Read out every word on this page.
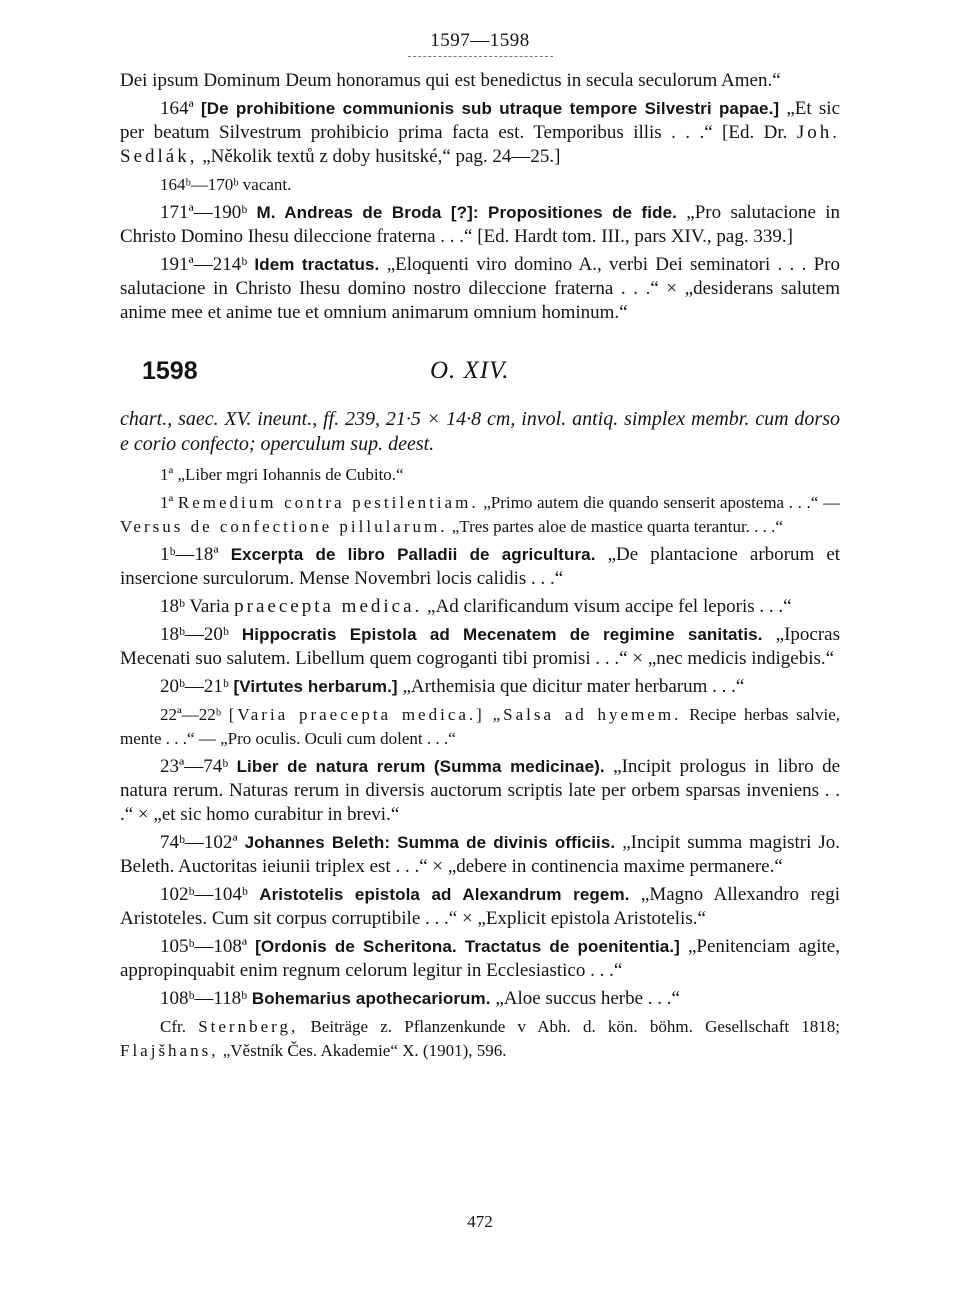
1597—1598

Dei ipsum Dominum Deum honoramus qui est benedictus in secula seculorum Amen.“

164ª [De prohibitione communionis sub utraque tempore Silvestri papae.] „Et sic per beatum Silvestrum prohibicio prima facta est. Temporibus illis . . .“ [Ed. Dr. Joh. Sedlák, „Několik textů z doby husitské,“ pag. 24—25.]

164ᵇ—170ᵇ vacant.

171ª—190ᵇ M. Andreas de Broda [?]: Propositiones de fide. „Pro salutacione in Christo Domino Ihesu dileccione fraterna . . .“ [Ed. Hardt tom. III., pars XIV., pag. 339.]

191ª—214ᵇ Idem tractatus. „Eloquenti viro domino A., verbi Dei seminatori . . . Pro salutacione in Christo Ihesu domino nostro dileccione fraterna . . .“ × „desiderans salutem anime mee et anime tue et omnium animarum omnium hominum.“

1598	O. XIV.

chart., saec. XV. ineunt., ff. 239, 21·5 × 14·8 cm, invol. antiq. simplex membr. cum dorso e corio confecto; operculum sup. deest.

1ª „Liber mgri Iohannis de Cubito.“

1ª Remedium contra pestilentiam. „Primo autem die quando senserit apostema . . .“ — Versus de confectione pillularum. „Tres partes aloe de mastice quarta terantur. . . .“

1ᵇ—18ª Excerpta de libro Palladii de agricultura. „De plantacione arborum et insercione surculorum. Mense Novembri locis calidis . . .“

18ᵇ Varia praecepta medica. „Ad clarificandum visum accipe fel leporis . . .“

18ᵇ—20ᵇ Hippocratis Epistola ad Mecenatem de regimine sanitatis. „Ipocras Mecenati suo salutem. Libellum quem cogroganti tibi promisi . . .“ × „nec medicis indigebis.“

20ᵇ—21ᵇ [Virtutes herbarum.] „Arthemisia que dicitur mater herbarum . . .“

22ª—22ᵇ [Varia praecepta medica.] „Salsa ad hyemem. Recipe herbas salvie, mente . . .“ — „Pro oculis. Oculi cum dolent . . .“

23ª—74ᵇ Liber de natura rerum (Summa medicinae). „Incipit prologus in libro de natura rerum. Naturas rerum in diversis auctorum scriptis late per orbem sparsas inveniens . . .“ × „et sic homo curabitur in brevi.“

74ᵇ—102ª Johannes Beleth: Summa de divinis officiis. „Incipit summa magistri Jo. Beleth. Auctoritas ieiunii triplex est . . .“ × „debere in continencia maxime permanere.“

102ᵇ—104ᵇ Aristotelis epistola ad Alexandrum regem. „Magno Allexandro regi Aristoteles. Cum sit corpus corruptibile . . .“ × „Explicit epistola Aristotelis.“

105ᵇ—108ª [Ordonis de Scheritona. Tractatus de poenitentia.] „Penitenciam agite, appropinquabit enim regnum celorum legitur in Ecclesiastico . . .“

108ᵇ—118ᵇ Bohemarius apothecariorum. „Aloe succus herbe . . .“

Cfr. Sternberg, Beiträge z. Pflanzenkunde v Abh. d. kön. böhm. Gesellschaft 1818; Flajšhans, „Věstník Čes. Akademie“ X. (1901), 596.

472
